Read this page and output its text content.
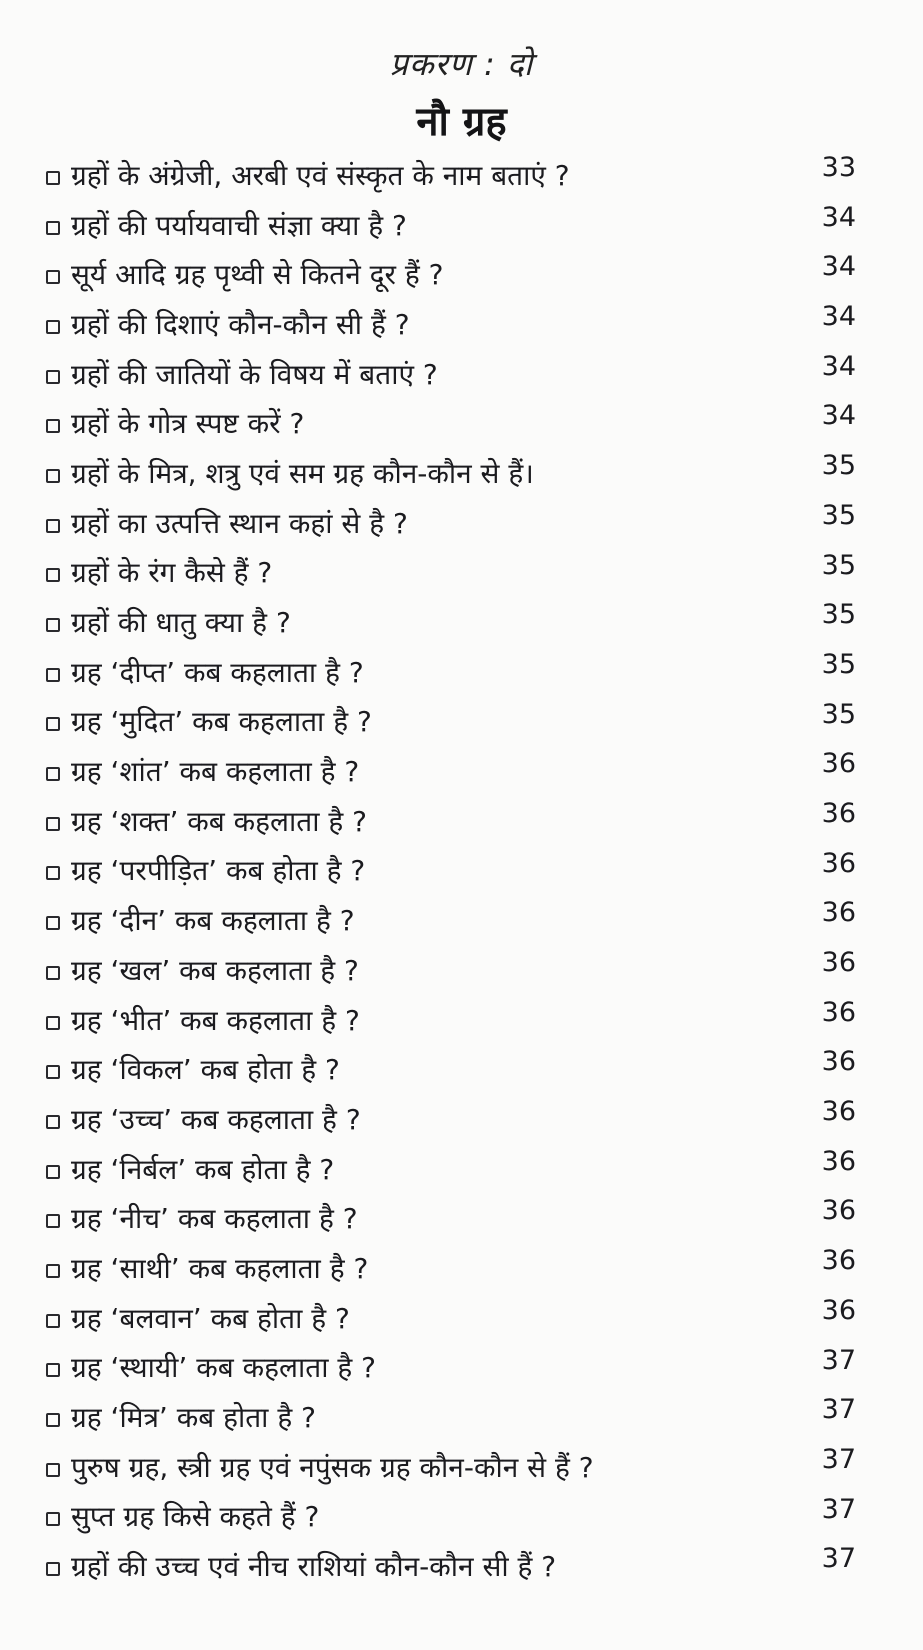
प्रकरण : दो
नौ ग्रह
ग्रहों के अंग्रेजी, अरबी एवं संस्कृत के नाम बताएं ?	33
ग्रहों की पर्यायवाची संज्ञा क्या है ?	34
सूर्य आदि ग्रह पृथ्वी से कितने दूर हैं ?	34
ग्रहों की दिशाएं कौन-कौन सी हैं ?	34
ग्रहों की जातियों के विषय में बताएं ?	34
ग्रहों के गोत्र स्पष्ट करें ?	34
ग्रहों के मित्र, शत्रु एवं सम ग्रह कौन-कौन से हैं।	35
ग्रहों का उत्पत्ति स्थान कहां से है ?	35
ग्रहों के रंग कैसे हैं ?	35
ग्रहों की धातु क्या है ?	35
ग्रह ‘दीप्त’ कब कहलाता है ?	35
ग्रह ‘मुदित’ कब कहलाता है ?	35
ग्रह ‘शांत’ कब कहलाता है ?	36
ग्रह ‘शक्त’ कब कहलाता है ?	36
ग्रह ‘परपीड़ित’ कब होता है ?	36
ग्रह ‘दीन’ कब कहलाता है ?	36
ग्रह ‘खल’ कब कहलाता है ?	36
ग्रह ‘भीत’ कब कहलाता है ?	36
ग्रह ‘विकल’ कब होता है ?	36
ग्रह ‘उच्च’ कब कहलाता है ?	36
ग्रह ‘निर्बल’ कब होता है ?	36
ग्रह ‘नीच’ कब कहलाता है ?	36
ग्रह ‘साथी’ कब कहलाता है ?	36
ग्रह ‘बलवान’ कब होता है ?	36
ग्रह ‘स्थायी’ कब कहलाता है ?	37
ग्रह ‘मित्र’ कब होता है ?	37
पुरुष ग्रह, स्त्री ग्रह एवं नपुंसक ग्रह कौन-कौन से हैं ?	37
सुप्त ग्रह किसे कहते हैं ?	37
ग्रहों की उच्च एवं नीच राशियां कौन-कौन सी हैं ?	37
